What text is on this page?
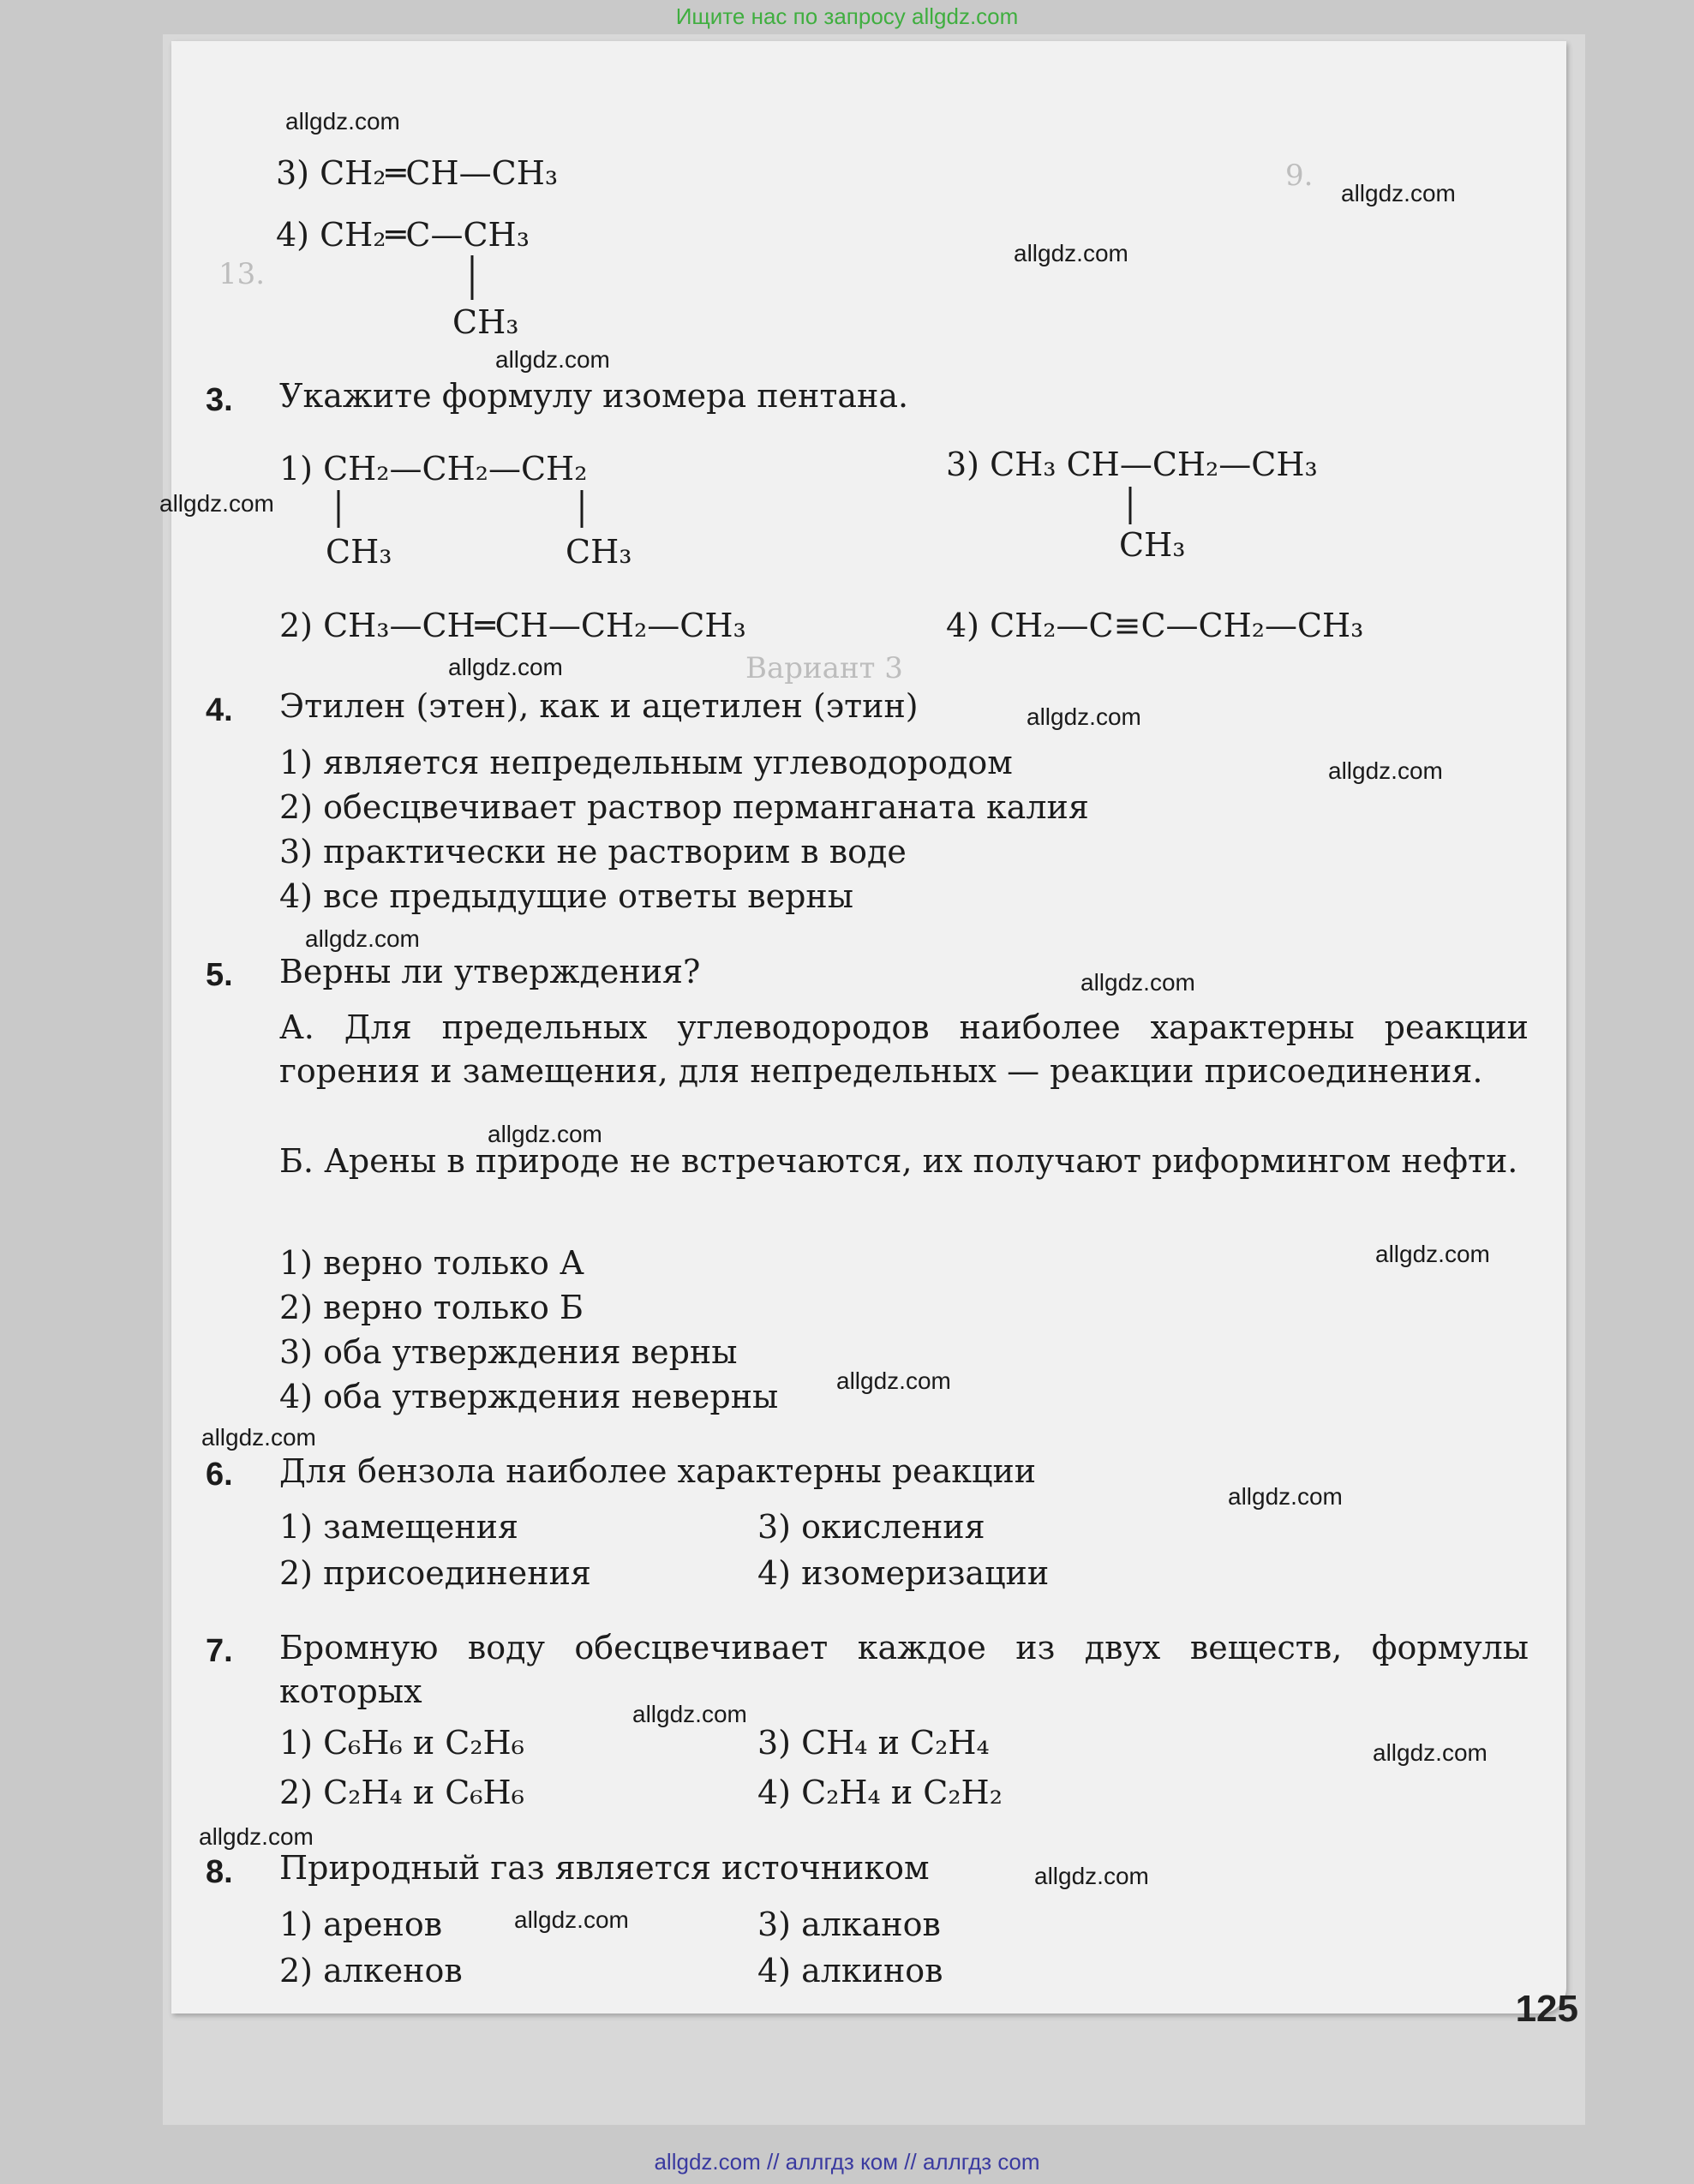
Ищите нас по запросу allgdz.com
9.
13.
Вариант 3
3) CH₂═CH—CH₃
4) CH₂═C—CH₃
CH₃
3. Укажите формулу изомера пентана.
1) CH₂—CH₂—CH₂
CH₃	CH₃
2) CH₃—CH═CH—CH₂—CH₃
3) CH₃ CH—CH₂—CH₃
CH₃
4) CH₂—C≡C—CH₂—CH₃
4. Этилен (этен), как и ацетилен (этин)
1) является непредельным углеводородом
2) обесцвечивает раствор перманганата калия
3) практически не растворим в воде
4) все предыдущие ответы верны
5. Верны ли утверждения?
А. Для предельных углеводородов наиболее характерны реакции горения и замещения, для непредельных — реакции присоединения.
Б. Арены в природе не встречаются, их получают риформингом нефти.
1) верно только А
2) верно только Б
3) оба утверждения верны
4) оба утверждения неверны
6. Для бензола наиболее характерны реакции
1) замещения
2) присоединения
3) окисления
4) изомеризации
7. Бромную воду обесцвечивает каждое из двух веществ, формулы которых
1) C₆H₆ и C₂H₆
2) C₂H₄ и C₆H₆
3) CH₄ и C₂H₄
4) C₂H₄ и C₂H₂
8. Природный газ является источником
1) аренов
2) алкенов
3) алканов
4) алкинов
125
allgdz.com
allgdz.com
allgdz.com
allgdz.com
allgdz.com
allgdz.com
allgdz.com
allgdz.com
allgdz.com
allgdz.com
allgdz.com
allgdz.com
allgdz.com
allgdz.com
allgdz.com
allgdz.com
allgdz.com
allgdz.com
allgdz.com
allgdz.com
allgdz.com // аллгдз ком // аллгдз com
